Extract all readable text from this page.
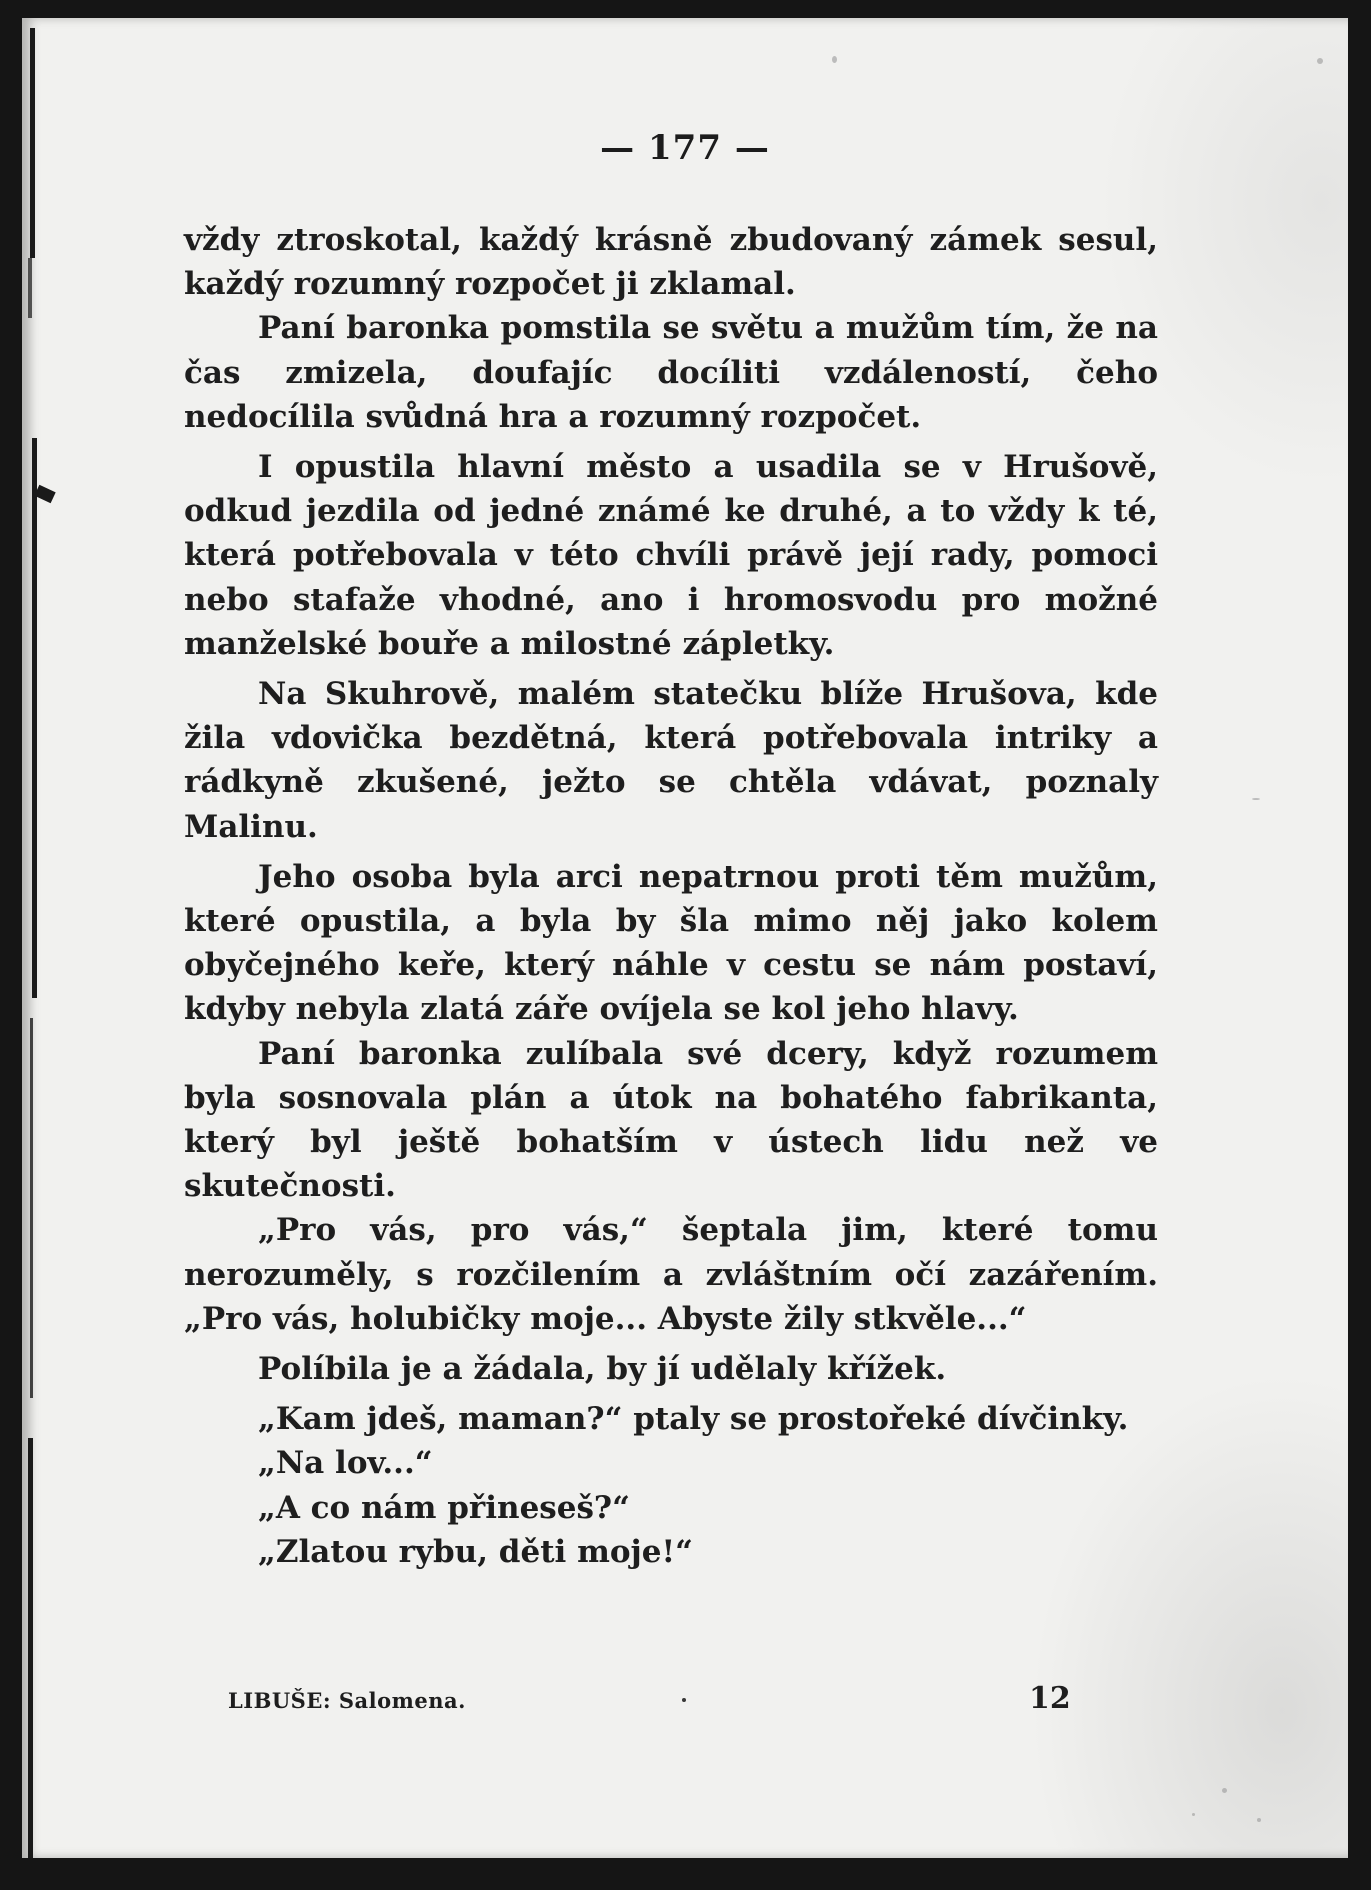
— 177 —

vždy ztroskotal, každý krásně zbudovaný zámek sesul, každý rozumný rozpočet ji zklamal.

Paní baronka pomstila se světu a mužům tím, že na čas zmizela, doufajíc docíliti vzdáleností, čeho nedocílila svůdná hra a rozumný rozpočet.

I opustila hlavní město a usadila se v Hrušově, odkud jezdila od jedné známé ke druhé, a to vždy k té, která potřebovala v této chvíli právě její rady, pomoci nebo stafaže vhodné, ano i hromosvodu pro možné manželské bouře a milostné zápletky.

Na Skuhrově, malém statečku blíže Hrušova, kde žila vdovička bezdětná, která potřebovala intriky a rádkyně zkušené, ježto se chtěla vdávat, poznaly Malinu.

Jeho osoba byla arci nepatrnou proti těm mužům, které opustila, a byla by šla mimo něj jako kolem obyčejného keře, který náhle v cestu se nám postaví, kdyby nebyla zlatá záře ovíjela se kol jeho hlavy.

Paní baronka zulíbala své dcery, když rozumem byla sosnovala plán a útok na bohatého fabrikanta, který byl ještě bohatším v ústech lidu než ve skutečnosti.

„Pro vás, pro vás,“ šeptala jim, které tomu nerozuměly, s rozčilením a zvláštním očí zazářením. „Pro vás, holubičky moje... Abyste žily stkvěle...“

Políbila je a žádala, by jí udělaly křížek.

„Kam jdeš, maman?“ ptaly se prostořeké dívčinky.

„Na lov...“

„A co nám přineseš?“

„Zlatou rybu, děti moje!“

LIBUŠE: Salomena.	12
